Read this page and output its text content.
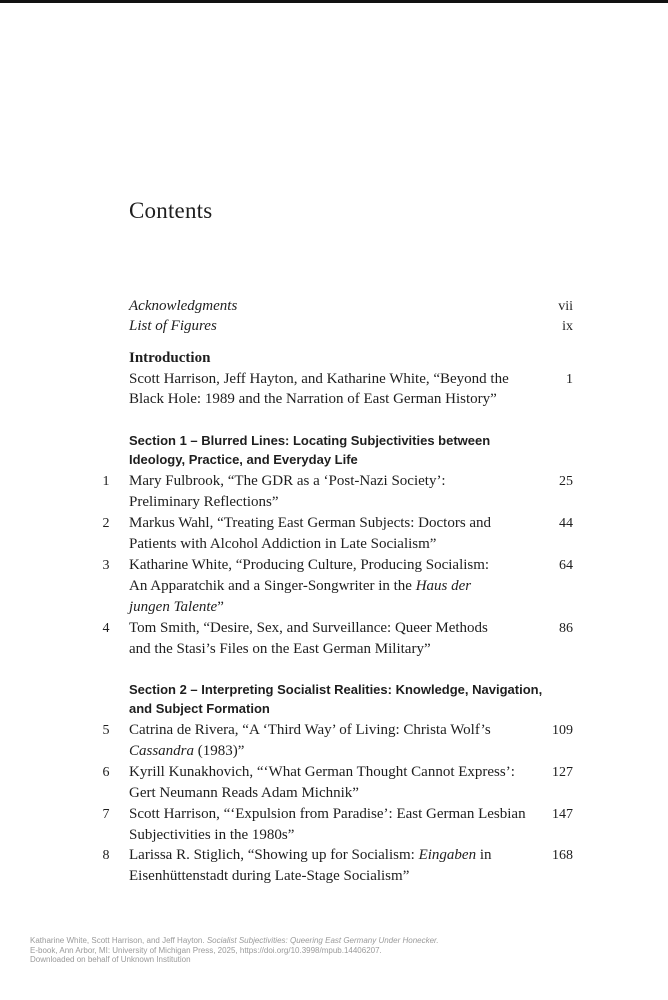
Contents
Acknowledgments	vii
List of Figures	ix
Introduction
Scott Harrison, Jeff Hayton, and Katharine White, “Beyond the	1
Black Hole: 1989 and the Narration of East German History”
Section 1 – Blurred Lines: Locating Subjectivities between
Ideology, Practice, and Everyday Life
1 Mary Fulbrook, “The GDR as a ‘Post-Nazi Society’:	25
Preliminary Reflections”
2 Markus Wahl, “Treating East German Subjects: Doctors and	44
Patients with Alcohol Addiction in Late Socialism”
3 Katharine White, “Producing Culture, Producing Socialism:	64
An Apparatchik and a Singer-Songwriter in the Haus der
jungen Talente”
4 Tom Smith, “Desire, Sex, and Surveillance: Queer Methods	86
and the Stasi’s Files on the East German Military”
Section 2 – Interpreting Socialist Realities: Knowledge, Navigation,
and Subject Formation
5 Catrina de Rivera, “A ‘Third Way’ of Living: Christa Wolf’s	109
Cassandra (1983)”
6 Kyrill Kunakhovich, “‘What German Thought Cannot Express’:	127
Gert Neumann Reads Adam Michnik”
7 Scott Harrison, “‘Expulsion from Paradise’: East German Lesbian	147
Subjectivities in the 1980s”
8 Larissa R. Stiglich, “Showing up for Socialism: Eingaben in	168
Eisenhüttenstadt during Late-Stage Socialism”
Katharine White, Scott Harrison, and Jeff Hayton. Socialist Subjectivities: Queering East Germany Under Honecker.
E-book, Ann Arbor, MI: University of Michigan Press, 2025, https://doi.org/10.3998/mpub.14406207.
Downloaded on behalf of Unknown Institution
